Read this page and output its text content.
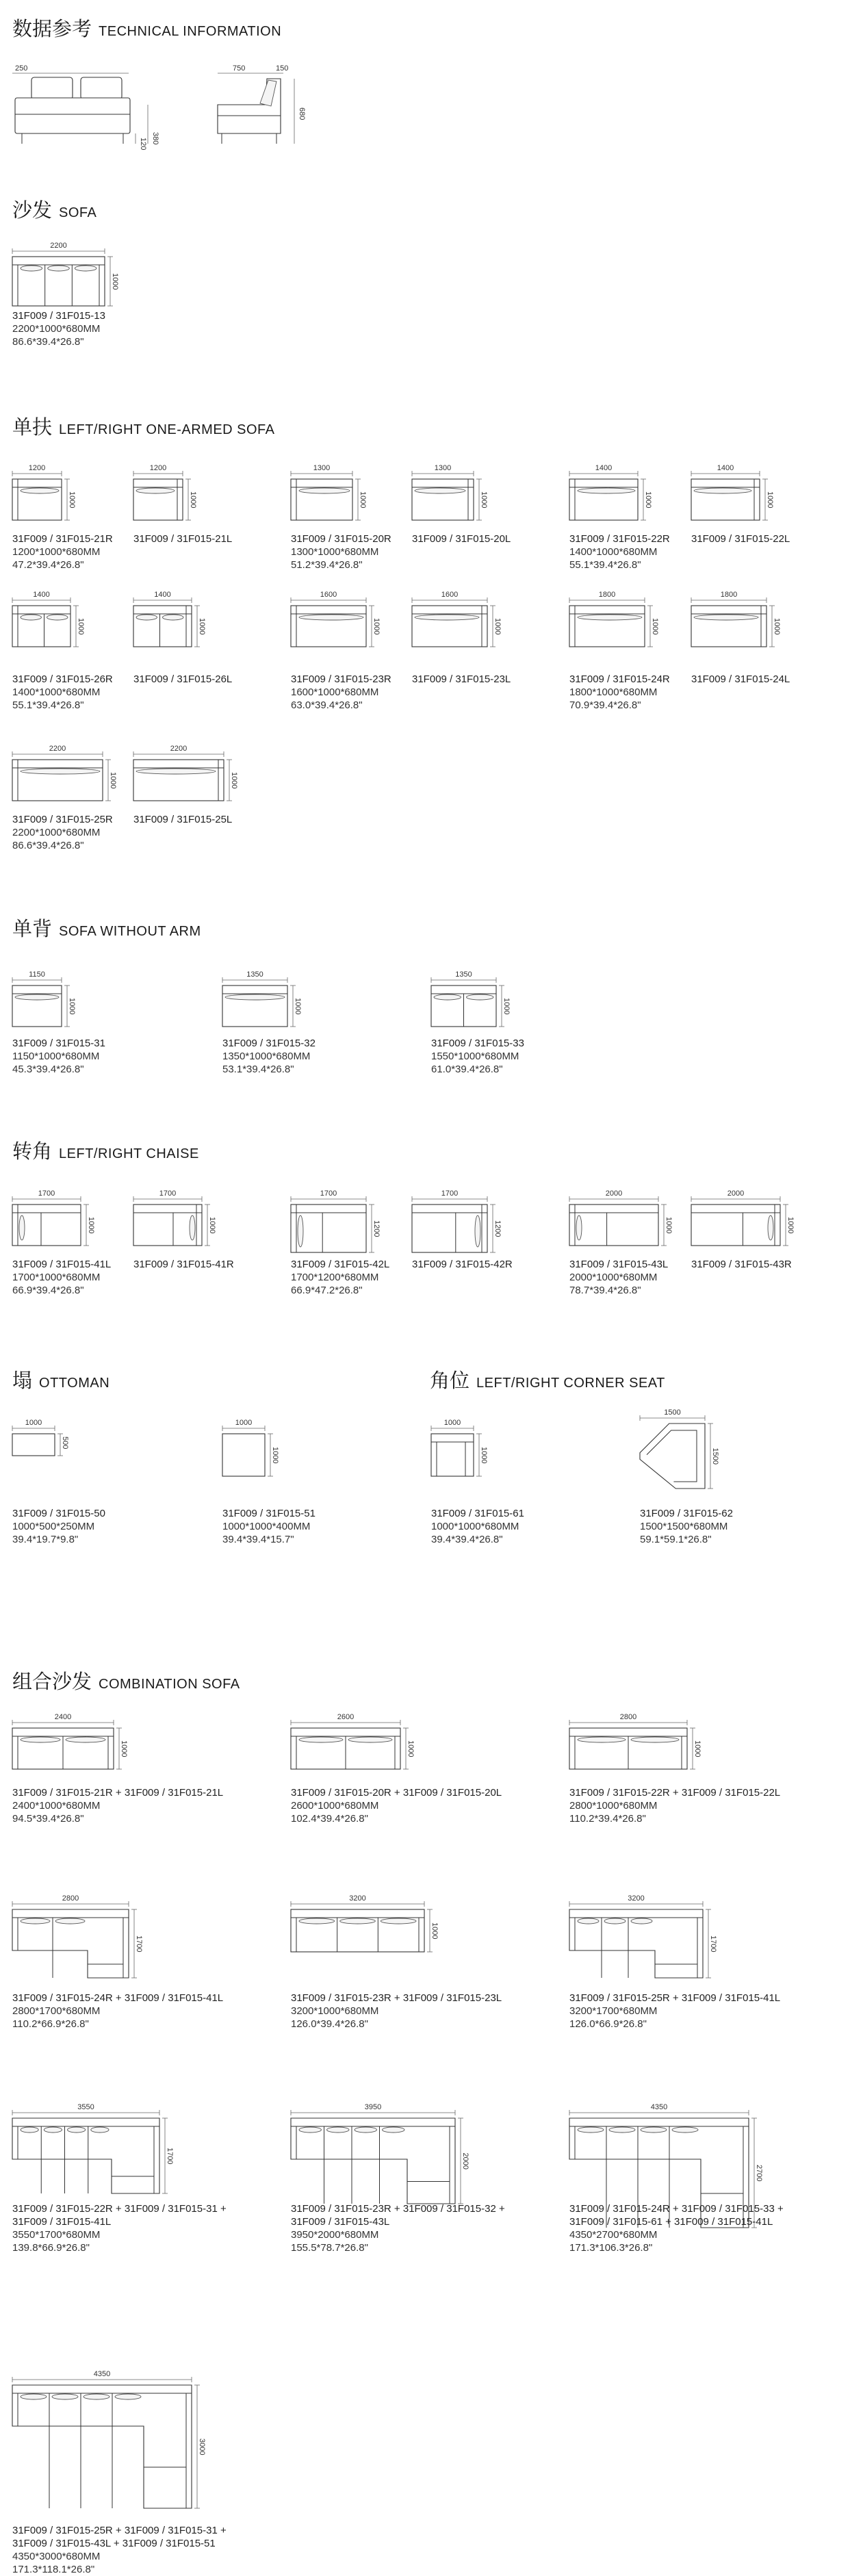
数据参考 TECHNICAL INFORMATION
250
380
120
750	150
680
沙发 SOFA
单扶 LEFT/RIGHT ONE-ARMED SOFA
单背 SOFA WITHOUT ARM
转角 LEFT/RIGHT CHAISE
塌 OTTOMAN	角位 LEFT/RIGHT CORNER SEAT
组合沙发 COMBINATION SOFA
2200
1000
31F009 / 31F015-13
2200*1000*680MM
86.6*39.4*26.8"
1200
1000
31F009 / 31F015-21R
1200*1000*680MM
47.2*39.4*26.8"
1200
1000
31F009 / 31F015-21L
1300
1000
31F009 / 31F015-20R
1300*1000*680MM
51.2*39.4*26.8"
1300
1000
31F009 / 31F015-20L
1400
1000
31F009 / 31F015-22R
1400*1000*680MM
55.1*39.4*26.8"
1400
1000
31F009 / 31F015-22L
1400
1000
31F009 / 31F015-26R
1400*1000*680MM
55.1*39.4*26.8"
1400
1000
31F009 / 31F015-26L
1600
1000
31F009 / 31F015-23R
1600*1000*680MM
63.0*39.4*26.8"
1600
1000
31F009 / 31F015-23L
1800
1000
31F009 / 31F015-24R
1800*1000*680MM
70.9*39.4*26.8"
1800
1000
31F009 / 31F015-24L
2200
1000
31F009 / 31F015-25R
2200*1000*680MM
86.6*39.4*26.8"
2200
1000
31F009 / 31F015-25L
1150
1000
31F009 / 31F015-31
1150*1000*680MM
45.3*39.4*26.8"
1350
1000
31F009 / 31F015-32
1350*1000*680MM
53.1*39.4*26.8"
1350
1000
31F009 / 31F015-33
1550*1000*680MM
61.0*39.4*26.8"
1700
1000
31F009 / 31F015-41L
1700*1000*680MM
66.9*39.4*26.8"
1700
1000
31F009 / 31F015-41R
1700
1200
31F009 / 31F015-42L
1700*1200*680MM
66.9*47.2*26.8"
1700
1200
31F009 / 31F015-42R
2000
1000
31F009 / 31F015-43L
2000*1000*680MM
78.7*39.4*26.8"
2000
1000
31F009 / 31F015-43R
1000
500
31F009 / 31F015-50
1000*500*250MM
39.4*19.7*9.8"
1000
1000
31F009 / 31F015-51
1000*1000*400MM
39.4*39.4*15.7"
1000
1000
31F009 / 31F015-61
1000*1000*680MM
39.4*39.4*26.8"
1500
1500
31F009 / 31F015-62
1500*1500*680MM
59.1*59.1*26.8"
2400
1000
31F009 / 31F015-21R + 31F009 / 31F015-21L
2400*1000*680MM
94.5*39.4*26.8"
2600
1000
31F009 / 31F015-20R + 31F009 / 31F015-20L
2600*1000*680MM
102.4*39.4*26.8"
2800
1000
31F009 / 31F015-22R + 31F009 / 31F015-22L
2800*1000*680MM
110.2*39.4*26.8"
2800
1700
31F009 / 31F015-24R + 31F009 / 31F015-41L
2800*1700*680MM
110.2*66.9*26.8"
3200
1000
31F009 / 31F015-23R + 31F009 / 31F015-23L
3200*1000*680MM
126.0*39.4*26.8"
3200
1700
31F009 / 31F015-25R + 31F009 / 31F015-41L
3200*1700*680MM
126.0*66.9*26.8"
3550
1700
31F009 / 31F015-22R + 31F009 / 31F015-31 + 31F009 / 31F015-41L
3550*1700*680MM
139.8*66.9*26.8"
3950
2000
31F009 / 31F015-23R + 31F009 / 31F015-32 + 31F009 / 31F015-43L
3950*2000*680MM
155.5*78.7*26.8"
4350
2700
31F009 / 31F015-24R + 31F009 / 31F015-33 + 31F009 / 31F015-61 + 31F009 / 31F015-41L
4350*2700*680MM
171.3*106.3*26.8"
4350
3000
31F009 / 31F015-25R + 31F009 / 31F015-31 + 31F009 / 31F015-43L + 31F009 / 31F015-51
4350*3000*680MM
171.3*118.1*26.8"
